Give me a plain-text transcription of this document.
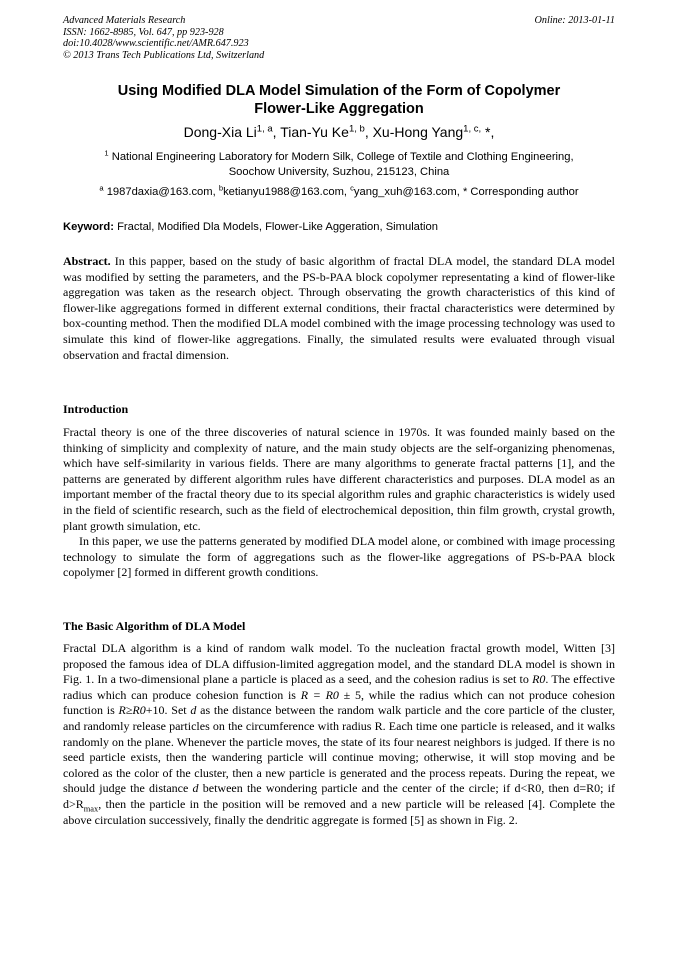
Advanced Materials Research
ISSN: 1662-8985, Vol. 647, pp 923-928
doi:10.4028/www.scientific.net/AMR.647.923
© 2013 Trans Tech Publications Ltd, Switzerland
Online: 2013-01-11
Using Modified DLA Model Simulation of the Form of Copolymer
Flower-Like Aggregation
Dong-Xia Li$^{1, a}$, Tian-Yu Ke$^{1, b}$, Xu-Hong Yang$^{1, c,}$ *,
$^1$ National Engineering Laboratory for Modern Silk, College of Textile and Clothing Engineering,
Soochow University, Suzhou, 215123, China
$^a$ 1987daxia@163.com, $^b$ketianyu1988@163.com, $^c$yang_xuh@163.com, * Corresponding author
Keyword: Fractal, Modified Dla Models, Flower-Like Aggeration, Simulation

Abstract. In this papper, based on the study of basic algorithm of fractal DLA model, the standard DLA model was modified by setting the parameters, and the PS-b-PAA block copolymer representating a kind of flower-like aggregation was taken as the research object. Through observating the growth characteristics of this kind of flower-like aggregations formed in different external conditions, their fractal characteristics were determined by box-counting method. Then the modified DLA model combined with the image processing technology was used to simulate this kind of flower-like aggregations. Finally, the simulated results were evaluated through visual observation and fractal dimension.

Introduction

Fractal theory is one of the three discoveries of natural science in 1970s. It was founded mainly based on the thinking of simplicity and complexity of nature, and the main study objects are the self-organizing phenomenas, which have self-similarity in various fields. There are many algorithms to generate fractal patterns [1], and the patterns are generated by different algorithm rules have different characteristics and purposes. DLA model as an important member of the fractal theory due to its special algorithm rules and graphic characteristics is widely used in the field of scientific research, such as the field of electrochemical deposition, thin film growth, crystal growth, plant growth simulation, etc.

In this paper, we use the patterns generated by modified DLA model alone, or combined with image processing technology to simulate the form of aggregations such as the flower-like aggregations of PS-b-PAA block copolymer [2] formed in different growth conditions.

The Basic Algorithm of DLA Model

Fractal DLA algorithm is a kind of random walk model. To the nucleation fractal growth model, Witten [3] proposed the famous idea of DLA diffusion-limited aggregation model, and the standard DLA model is shown in Fig. 1. In a two-dimensional plane a particle is placed as a seed, and the cohesion radius is set to R0. The effective radius which can produce cohesion function is R = R0 ± 5, while the radius which can not produce cohesion function is R≥R0+10. Set d as the distance between the random walk particle and the core particle of the cluster, and randomly release particles on the circumference with radius R. Each time one particle is released, and it walks randomly on the plane. Whenever the particle moves, the state of its four nearest neighbors is judged. If there is no seed particle exists, then the wandering particle will continue moving; otherwise, it will stop moving and be colored as the color of the cluster, then a new particle is generated and the process repeats. During the repeat, we should judge the distance d between the wondering particle and the center of the circle; if d<R0, then d=R0; if $d>R_{max}$, then the particle in the position will be removed and a new particle will be released [4]. Complete the above circulation successively, finally the dendritic aggregate is formed [5] as shown in Fig. 2.
